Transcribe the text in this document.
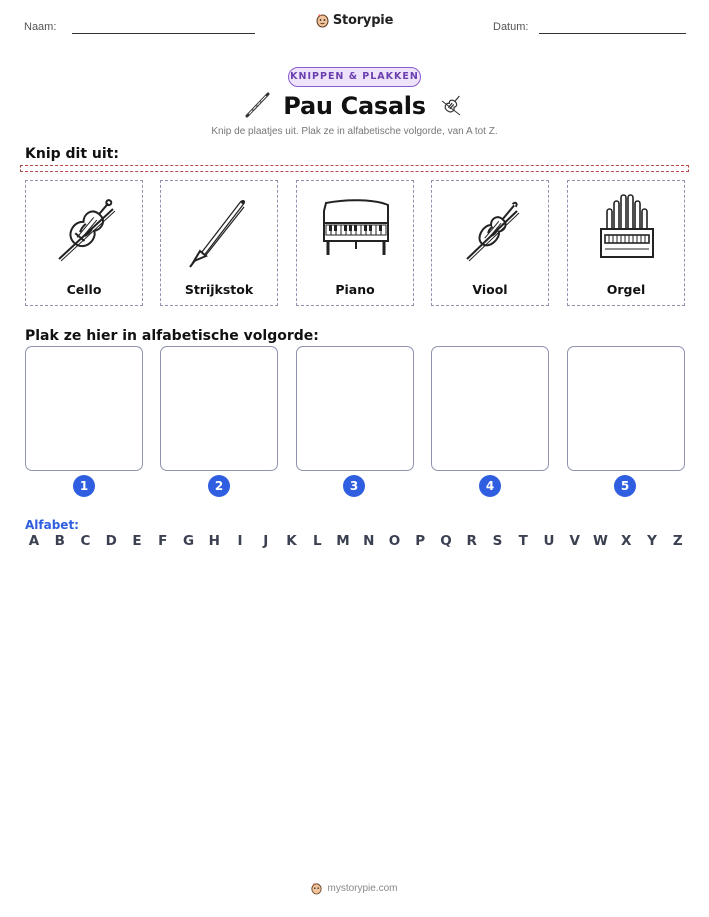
Naam:	Storypie	Datum:
KNIPPEN & PLAKKEN
Pau Casals
Knip de plaatjes uit. Plak ze in alfabetische volgorde, van A tot Z.
Knip dit uit:
Cello	Strijkstok	Piano	Viool	Orgel
Plak ze hier in alfabetische volgorde:
1	2	3	4	5
Alfabet:
A B C D E F G H	I	J	K L M N O P Q R S T U V W X Y Z
mystorypie.com
